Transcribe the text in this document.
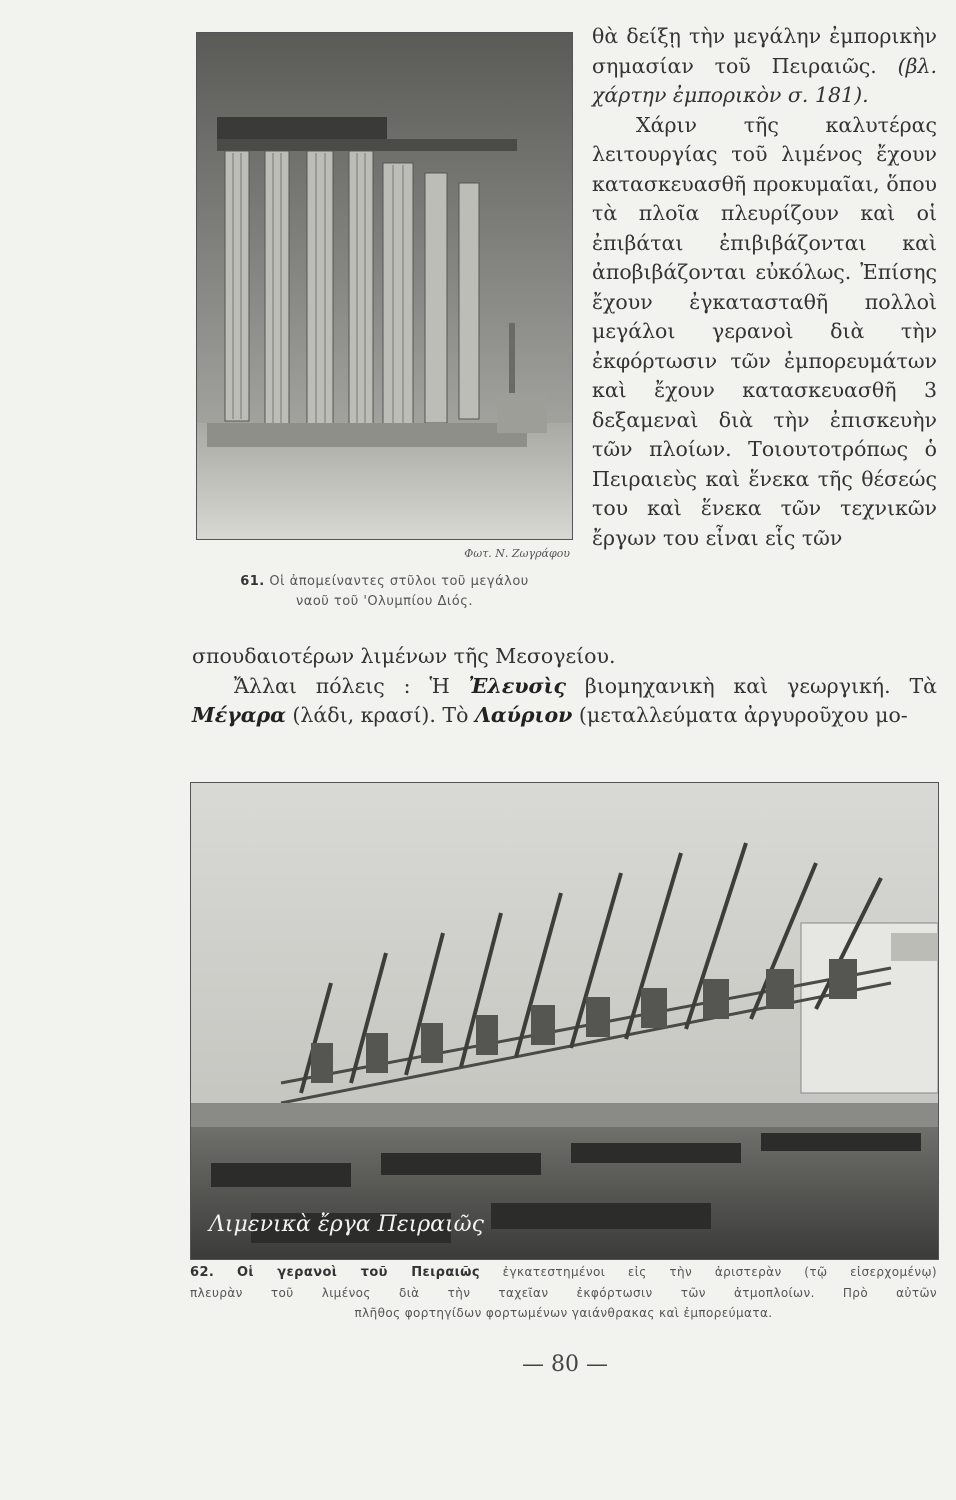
Φωτ. Ν. Ζωγράφου
61. Οἱ ἀπομείναντες στῦλοι τοῦ μεγάλου
ναοῦ τοῦ 'Ολυμπίου Διός.

θὰ δείξῃ τὴν μεγάλην ἐμπορικὴν σημασίαν τοῦ Πειραιῶς. (βλ. χάρτην ἐμπορικὸν σ. 181).

Χάριν τῆς καλυτέρας λειτουργίας τοῦ λιμένος ἔχουν κατασκευασθῆ προκυμαῖαι, ὅπου τὰ πλοῖα πλευρίζουν καὶ οἱ ἐπιβάται ἐπιβιβάζονται καὶ ἀποβιβάζονται εὐκόλως. Ἐπίσης ἔχουν ἐγκατασταθῆ πολλοὶ μεγάλοι γερανοὶ διὰ τὴν ἐκφόρτωσιν τῶν ἐμπορευμάτων καὶ ἔχουν κατασκευασθῆ 3 δεξαμεναὶ διὰ τὴν ἐπισκευὴν τῶν πλοίων. Τοιουτοτρόπως ὁ Πειραιεὺς καὶ ἕνεκα τῆς θέσεώς του καὶ ἕνεκα τῶν τεχνικῶν ἔργων του εἶναι εἷς τῶν

σπουδαιοτέρων λιμένων τῆς Μεσογείου.

Ἄλλαι πόλεις : Ἡ Ἐλευσὶς βιομηχανικὴ καὶ γεωργική. Τὰ Μέγαρα (λάδι, κρασί). Τὸ Λαύριον (μεταλλεύματα ἀργυροῦχου μο-

Λιμενικὰ ἔργα Πειραιῶς
62. Οἱ γερανοὶ τοῦ Πειραιῶς ἐγκατεστημένοι εἰς τὴν ἀριστερὰν (τῷ εἰσερχομένῳ)
πλευρὰν τοῦ λιμένος διὰ τὴν ταχεῖαν ἐκφόρτωσιν τῶν ἀτμοπλοίων. Πρὸ αὐτῶν
πλῆθος φορτηγίδων φορτωμένων γαιάνθρακας καὶ ἐμπορεύματα.
— 80 —
